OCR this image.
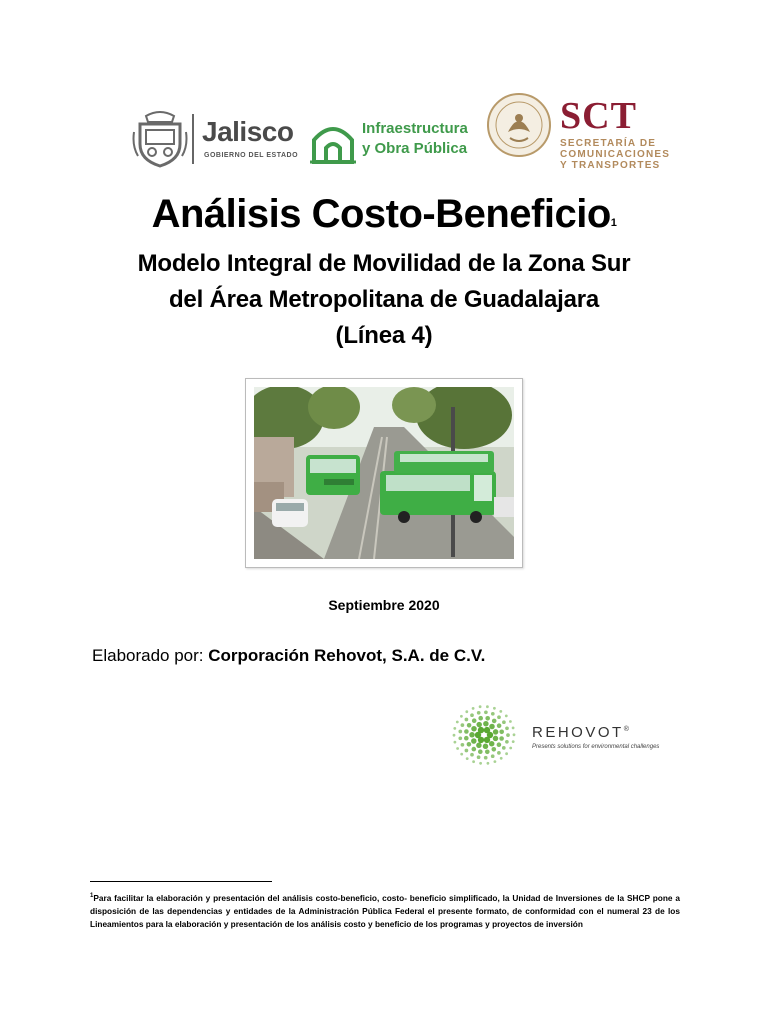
Jalisco
GOBIERNO DEL ESTADO
Infraestructura
y Obra Pública
SCT
SECRETARÍA DE
COMUNICACIONES
Y TRANSPORTES
Análisis Costo-Beneficio$^1$
Modelo Integral de Movilidad de la Zona Sur
del Área Metropolitana de Guadalajara
(Línea 4)
Septiembre 2020
Elaborado por: Corporación Rehovot, S.A. de C.V.
REHOVOT®
Presents solutions for environmental challenges
$^1$Para facilitar la elaboración y presentación del análisis costo-beneficio, costo- beneficio simplificado, la Unidad de Inversiones de la SHCP pone a disposición de las dependencias y entidades de la Administración Pública Federal el presente formato, de conformidad con el numeral 23 de los Lineamientos para la elaboración y presentación de los análisis costo y beneficio de los programas y proyectos de inversión
